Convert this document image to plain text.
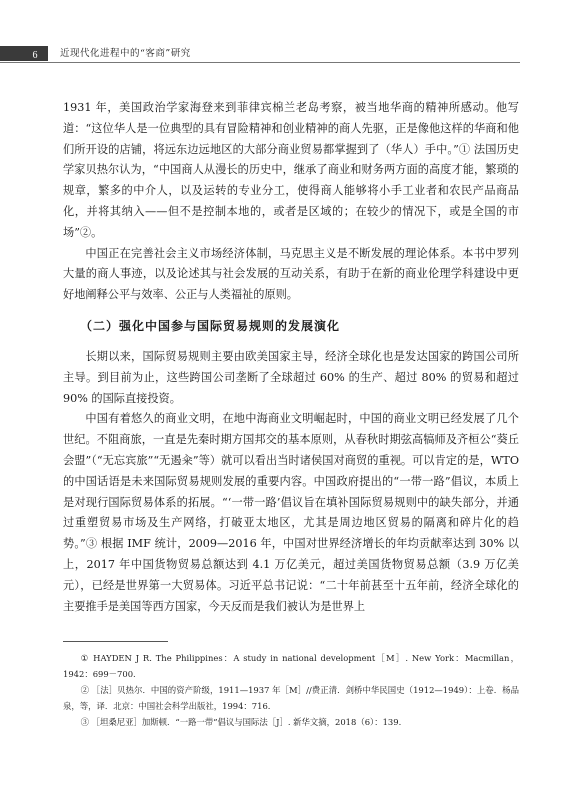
6	近现代化进程中的“客商”研究

1931 年，美国政治学家海登来到菲律宾棉兰老岛考察，被当地华商的精神所感动。他写道：“这位华人是一位典型的具有冒险精神和创业精神的商人先驱，正是像他这样的华商和他们所开设的店铺，将远东边远地区的大部分商业贸易都掌握到了（华人）手中。”① 法国历史学家贝热尔认为，“中国商人从漫长的历史中，继承了商业和财务两方面的高度才能，繁琐的规章，繁多的中介人，以及运转的专业分工，使得商人能够将小手工业者和农民产品商品化，并将其纳入——但不是控制本地的，或者是区域的；在较少的情况下，或是全国的市场”②。

中国正在完善社会主义市场经济体制，马克思主义是不断发展的理论体系。本书中罗列大量的商人事迹，以及论述其与社会发展的互动关系，有助于在新的商业伦理学科建设中更好地阐释公平与效率、公正与人类福祉的原则。

（二）强化中国参与国际贸易规则的发展演化

长期以来，国际贸易规则主要由欧美国家主导，经济全球化也是发达国家的跨国公司所主导。到目前为止，这些跨国公司垄断了全球超过 60% 的生产、超过 80% 的贸易和超过 90% 的国际直接投资。

中国有着悠久的商业文明，在地中海商业文明崛起时，中国的商业文明已经发展了几个世纪。不阻商旅，一直是先秦时期方国邦交的基本原则，从春秋时期弦高犒师及齐桓公“葵丘会盟”（“无忘宾旅”“无遏籴”等）就可以看出当时诸侯国对商贸的重视。可以肯定的是，WTO 的中国话语是未来国际贸易规则发展的重要内容。中国政府提出的“一带一路”倡议，本质上是对现行国际贸易体系的拓展。“‘一带一路’倡议旨在填补国际贸易规则中的缺失部分，并通过重塑贸易市场及生产网络，打破亚太地区，尤其是周边地区贸易的隔离和碎片化的趋势。”③ 根据 IMF 统计，2009—2016 年，中国对世界经济增长的年均贡献率达到 30% 以上，2017 年中国货物贸易总额达到 4.1 万亿美元，超过美国货物贸易总额（3.9 万亿美元），已经是世界第一大贸易体。习近平总书记说：“二十年前甚至十五年前，经济全球化的主要推手是美国等西方国家，今天反而是我们被认为是世界上

① HAYDEN J R. The Philippines：A study in national development［M］. New York：Macmillan，1942：699－700.

② ［法］贝热尔．中国的资产阶级，1911—1937 年［M］//费正清．剑桥中华民国史（1912—1949）：上卷．杨品泉，等，译．北京：中国社会科学出版社，1994：716.

③ ［坦桑尼亚］加斯顿．“一路一带”倡议与国际法［J］. 新华文摘，2018（6）：139.
